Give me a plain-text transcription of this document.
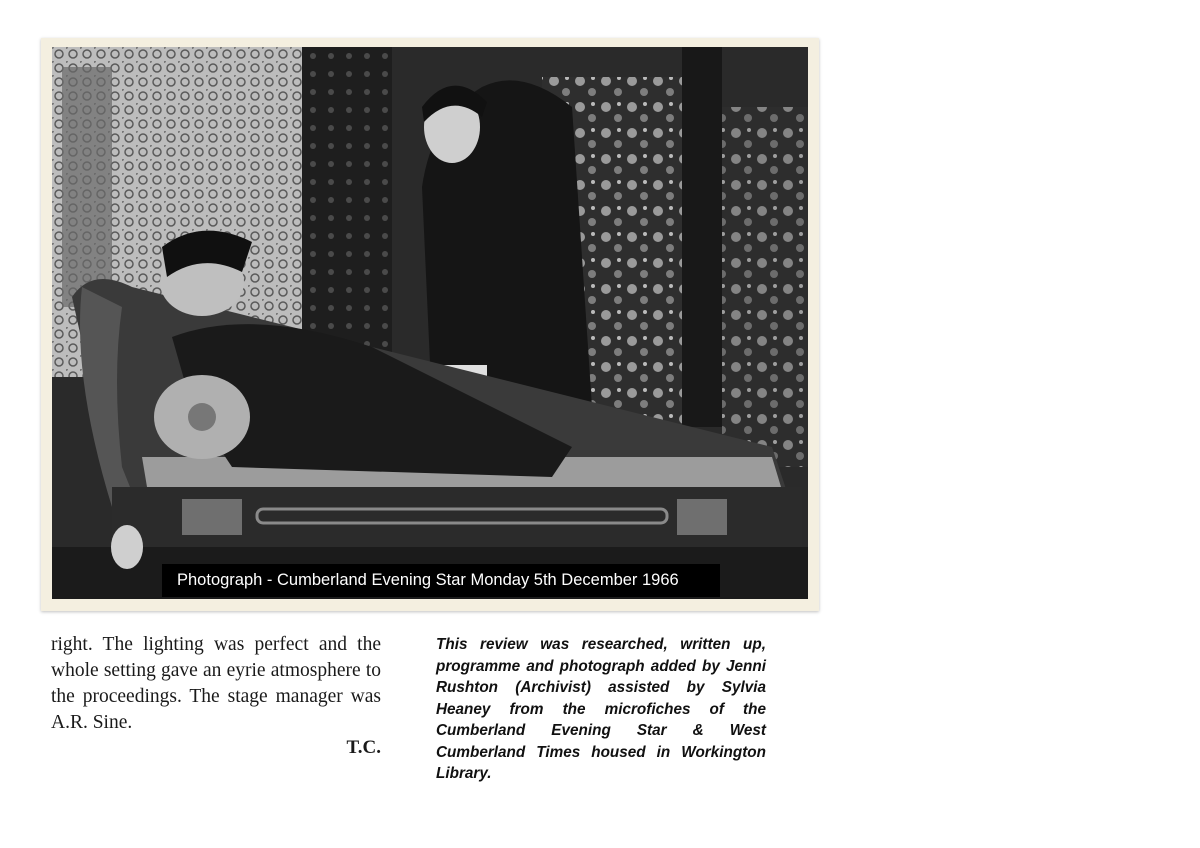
Photograph - Cumberland Evening Star Monday 5th December 1966

right. The lighting was perfect and the whole setting gave an eyrie atmosphere to the proceedings. The stage manager was A.R. Sine.

T.C.

This review was researched, written up, programme and photograph added by Jenni Rushton (Archivist) assisted by Sylvia Heaney from the microfiches of the Cumberland Evening Star & West Cumberland Times housed in Workington Library.
